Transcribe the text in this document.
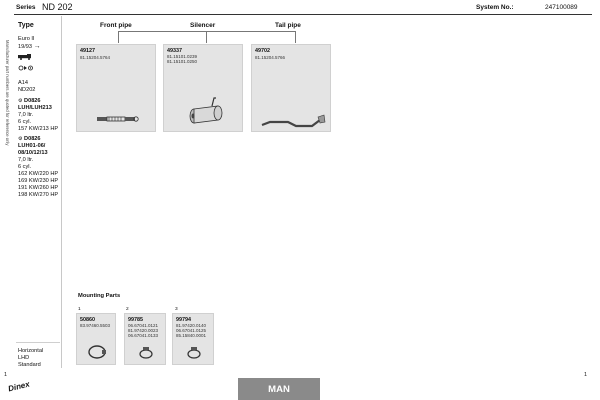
Manufacturer part numbers are quoted for reference only
Series ND 202	System No.:	247100089
Type
Euro II
19/93 →
A14
ND202
⚙ D0826
LUH/LUH213
7,0 ltr.
6 cyl.
157 KW/213 HP
⚙ D0826
LUH01-06/
08/10/12/13
7,0 ltr.
6 cyl.
162 KW/220 HP
169 KW/230 HP
191 KW/260 HP
198 KW/270 HP
Horizontal
LHD
Standard
Front pipe	Silencer	Tail pipe
49127
81.15204.5764
49337
81.15101.0239
81.15101.0250
49702
81.15204.5766
Mounting Parts
1
50860
83.97460.5503
2
99785
06.67041.0121
81.97420.0023
06.67041.0133
3
99794
81.97420.0140
06.67041.0125
85.15840.0001
1	1
Dinex	MAN
